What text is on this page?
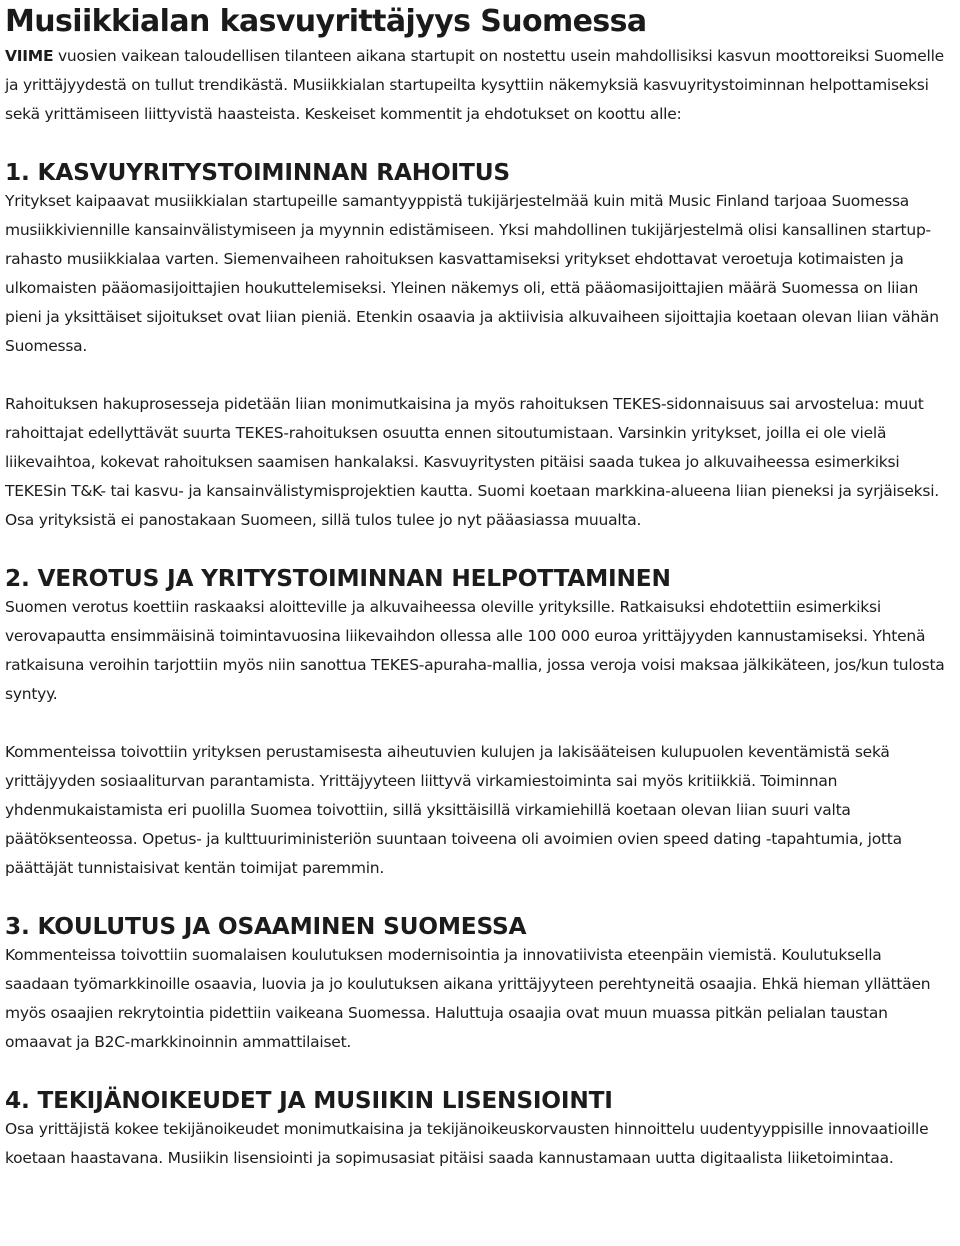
Musiikkialan kasvuyrittäjyys Suomessa

VIIME vuosien vaikean taloudellisen tilanteen aikana startupit on nostettu usein mahdollisiksi kasvun moottoreiksi Suomelle ja yrittäjyydestä on tullut trendikästä. Musiikkialan startupeilta kysyttiin näkemyksiä kasvuyritystoiminnan helpottamiseksi sekä yrittämiseen liittyvistä haasteista. Keskeiset kommentit ja ehdotukset on koottu alle:

1. KASVUYRITYSTOIMINNAN RAHOITUS

Yritykset kaipaavat musiikkialan startupeille samantyyppistä tukijärjestelmää kuin mitä Music Finland tarjoaa Suomessa musiikkiviennille kansainvälistymiseen ja myynnin edistämiseen. Yksi mahdollinen tukijärjestelmä olisi kansallinen startup-rahasto musiikkialaa varten. Siemenvaiheen rahoituksen kasvattamiseksi yritykset ehdottavat veroetuja kotimaisten ja ulkomaisten pääomasijoittajien houkuttelemiseksi. Yleinen näkemys oli, että pääomasijoittajien määrä Suomessa on liian pieni ja yksittäiset sijoitukset ovat liian pieniä. Etenkin osaavia ja aktiivisia alkuvaiheen sijoittajia koetaan olevan liian vähän Suomessa.

Rahoituksen hakuprosesseja pidetään liian monimutkaisina ja myös rahoituksen TEKES-sidonnaisuus sai arvostelua: muut rahoittajat edellyttävät suurta TEKES-rahoituksen osuutta ennen sitoutumistaan. Varsinkin yritykset, joilla ei ole vielä liikevaihtoa, kokevat rahoituksen saamisen hankalaksi. Kasvuyritysten pitäisi saada tukea jo alkuvaiheessa esimerkiksi TEKESin T&K- tai kasvu- ja kansainvälistymisprojektien kautta. Suomi koetaan markkina-alueena liian pieneksi ja syrjäiseksi. Osa yrityksistä ei panostakaan Suomeen, sillä tulos tulee jo nyt pääasiassa muualta.

2. VEROTUS JA YRITYSTOIMINNAN HELPOTTAMINEN

Suomen verotus koettiin raskaaksi aloitteville ja alkuvaiheessa oleville yrityksille. Ratkaisuksi ehdotettiin esimerkiksi verovapautta ensimmäisinä toimintavuosina liikevaihdon ollessa alle 100 000 euroa yrittäjyyden kannustamiseksi. Yhtenä ratkaisuna veroihin tarjottiin myös niin sanottua TEKES-apuraha-mallia, jossa veroja voisi maksaa jälkikäteen, jos/kun tulosta syntyy.

Kommenteissa toivottiin yrityksen perustamisesta aiheutuvien kulujen ja lakisääteisen kulupuolen keventämistä sekä yrittäjyyden sosiaaliturvan parantamista. Yrittäjyyteen liittyvä virkamiestoiminta sai myös kritiikkiä. Toiminnan yhdenmukaistamista eri puolilla Suomea toivottiin, sillä yksittäisillä virkamiehillä koetaan olevan liian suuri valta päätöksenteossa. Opetus- ja kulttuuriministeriön suuntaan toiveena oli avoimien ovien speed dating -tapahtumia, jotta päättäjät tunnistaisivat kentän toimijat paremmin.

3. KOULUTUS JA OSAAMINEN SUOMESSA

Kommenteissa toivottiin suomalaisen koulutuksen modernisointia ja innovatiivista eteenpäin viemistä. Koulutuksella saadaan työmarkkinoille osaavia, luovia ja jo koulutuksen aikana yrittäjyyteen perehtyneitä osaajia. Ehkä hieman yllättäen myös osaajien rekrytointia pidettiin vaikeana Suomessa. Haluttuja osaajia ovat muun muassa pitkän pelialan taustan omaavat ja B2C-markkinoinnin ammattilaiset.

4. TEKIJÄNOIKEUDET JA MUSIIKIN LISENSIOINTI

Osa yrittäjistä kokee tekijänoikeudet monimutkaisina ja tekijänoikeuskorvausten hinnoittelu uudentyyppisille innovaatioille koetaan haastavana. Musiikin lisensiointi ja sopimusasiat pitäisi saada kannustamaan uutta digitaalista liiketoimintaa.
